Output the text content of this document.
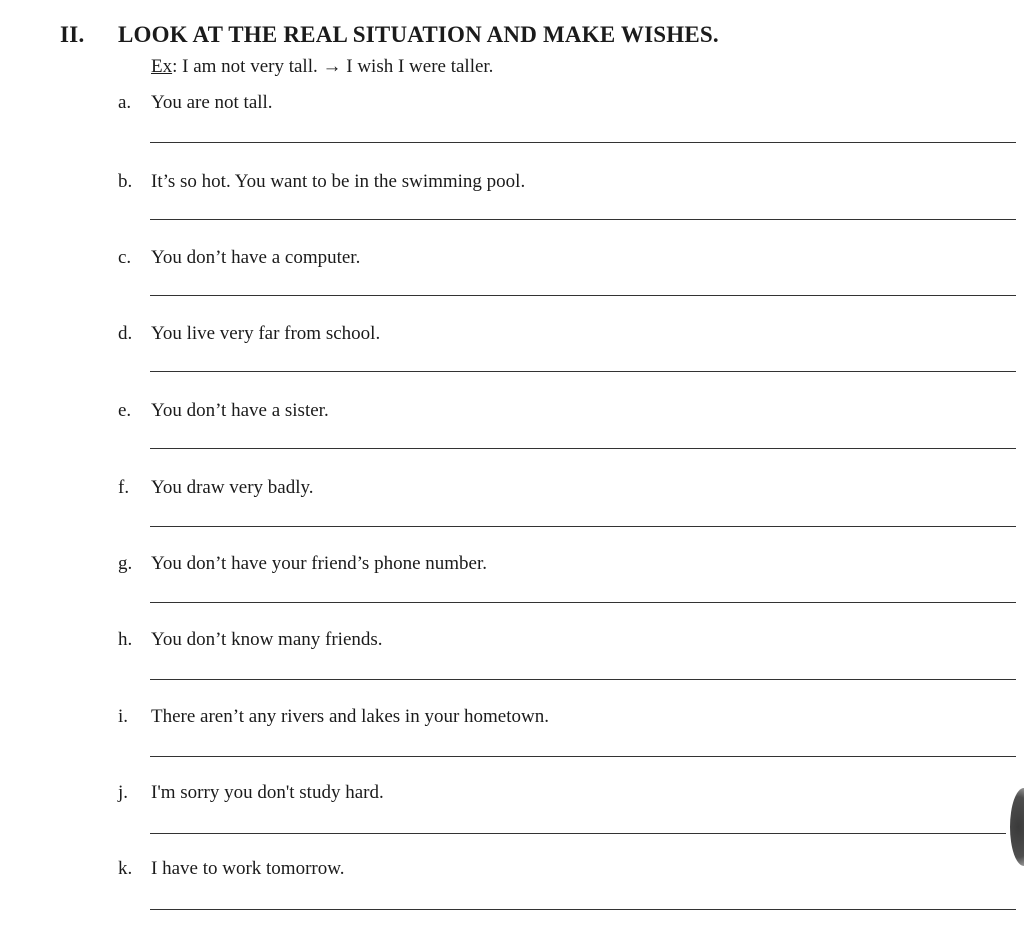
II. LOOK AT THE REAL SITUATION AND MAKE WISHES.
Ex: I am not very tall. → I wish I were taller.
a. You are not tall.
b. It’s so hot. You want to be in the swimming pool.
c. You don’t have a computer.
d. You live very far from school.
e. You don’t have a sister.
f. You draw very badly.
g. You don’t have your friend’s phone number.
h. You don’t know many friends.
i. There aren’t any rivers and lakes in your hometown.
j. I'm sorry you don't study hard.
k. I have to work tomorrow.
